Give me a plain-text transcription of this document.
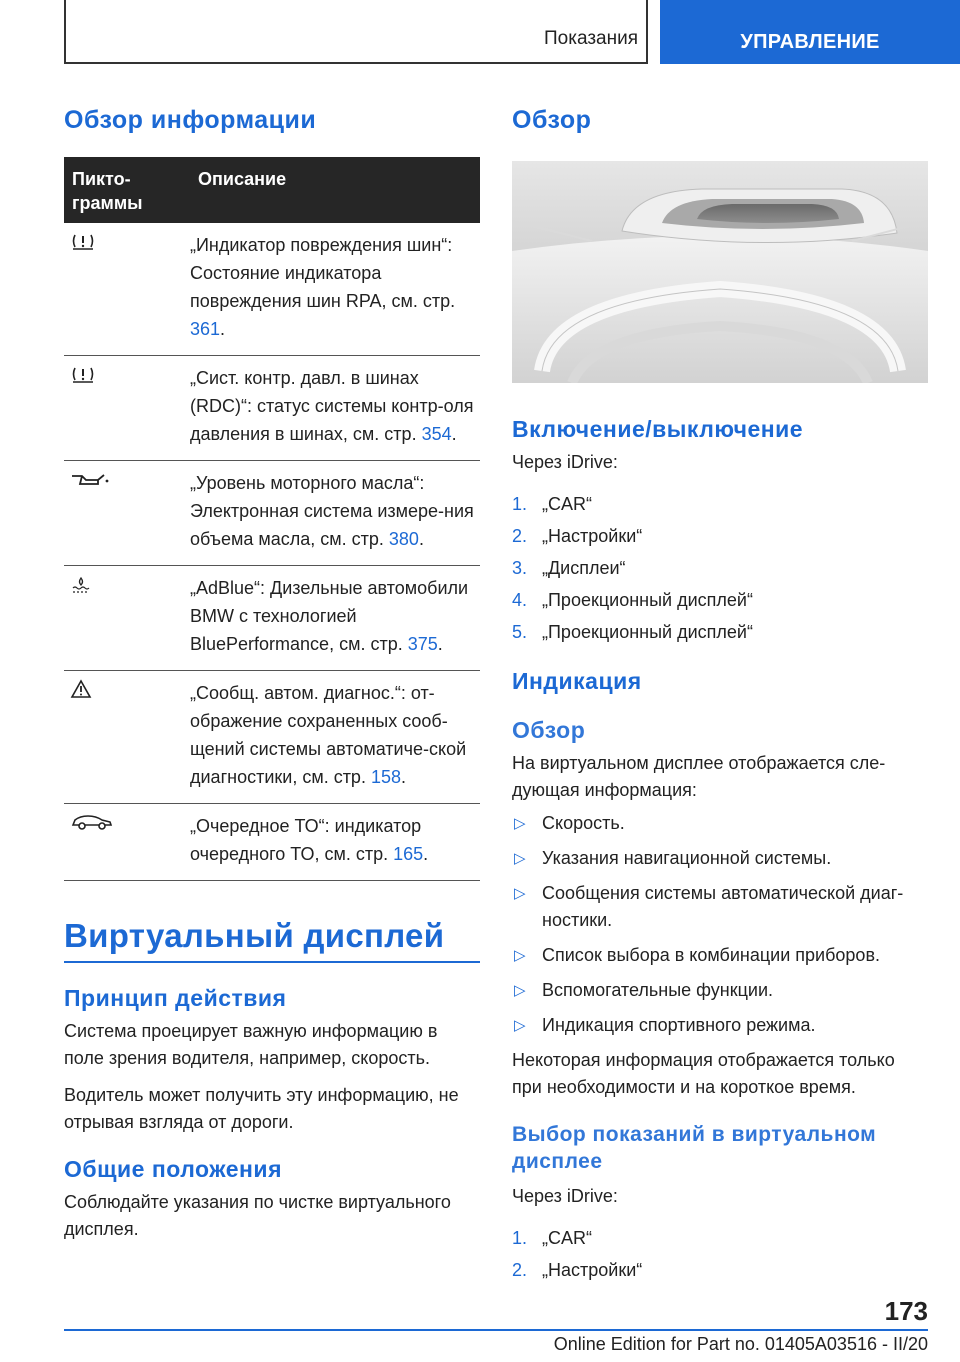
Показания	УПРАВЛЕНИЕ
Обзор информации
Пикто-
граммы	Описание
	„Индикатор повреждения шин“: Состояние индикатора повреждения шин RPA, см. стр. 361.
	„Сист. контр. давл. в шинах (RDC)“: статус системы контр-оля давления в шинах, см. стр. 354.
	„Уровень моторного масла“: Электронная система измере-ния объема масла, см. стр. 380.
	„AdBlue“: Дизельные автомобили BMW с технологией BluePerformance, см. стр. 375.
	„Сообщ. автом. диагнос.“: от-ображение сохраненных сооб-щений системы автоматиче-ской диагностики, см. стр. 158.
	„Очередное ТО“: индикатор очередного ТО, см. стр. 165.
Виртуальный дисплей
Принцип действия

Система проецирует важную информацию в поле зрения водителя, например, скорость.

Водитель может получить эту информацию, не отрывая взгляда от дороги.

Общие положения

Соблюдайте указания по чистке виртуального дисплея.

Обзор
Включение/выключение

Через iDrive:

1. „CAR“
2. „Настройки“
3. „Дисплеи“
4. „Проекционный дисплей“
5. „Проекционный дисплей“
Индикация
Обзор

На виртуальном дисплее отображается сле-дующая информация:

▷ Скорость.
▷ Указания навигационной системы.
▷ Сообщения системы автоматической диаг-ностики.
▷ Список выбора в комбинации приборов.
▷ Вспомогательные функции.
▷ Индикация спортивного режима.

Некоторая информация отображается только при необходимости и на короткое время.

Выбор показаний в виртуальном дисплее

Через iDrive:

1. „CAR“
2. „Настройки“
173
Online Edition for Part no. 01405A03516 - II/20
